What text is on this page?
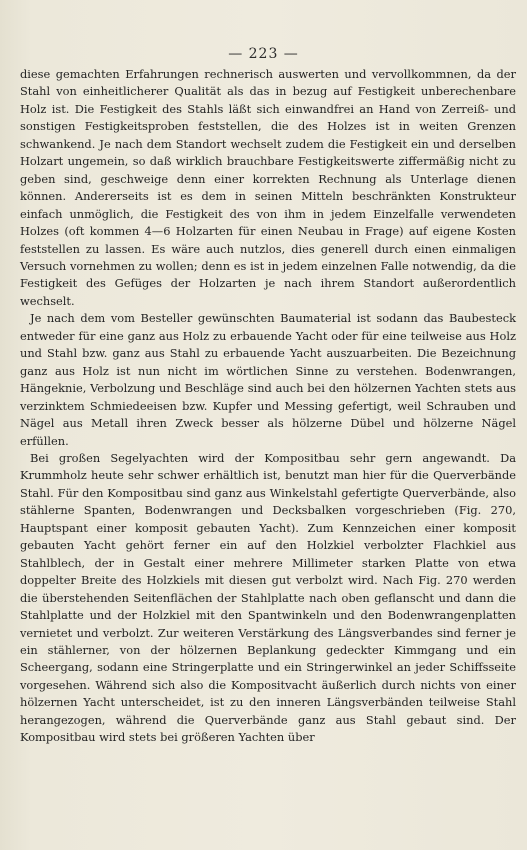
— 223 —

diese gemachten Erfahrungen rechnerisch auswerten und vervollkommnen, da der Stahl von einheitlicherer Qualität als das in bezug auf Festigkeit unberechenbare Holz ist. Die Festigkeit des Stahls läßt sich einwandfrei an Hand von Zerreiß- und sonstigen Festigkeitsproben feststellen, die des Holzes ist in weiten Grenzen schwankend. Je nach dem Standort wechselt zudem die Festigkeit ein und derselben Holzart ungemein, so daß wirklich brauchbare Festigkeitswerte ziffermäßig nicht zu geben sind, geschweige denn einer korrekten Rechnung als Unterlage dienen können. Andererseits ist es dem in seinen Mitteln beschränkten Konstrukteur einfach unmöglich, die Festigkeit des von ihm in jedem Einzelfalle verwendeten Holzes (oft kommen 4—6 Holzarten für einen Neubau in Frage) auf eigene Kosten feststellen zu lassen. Es wäre auch nutzlos, dies generell durch einen einmaligen Versuch vornehmen zu wollen; denn es ist in jedem einzelnen Falle notwendig, da die Festigkeit des Gefüges der Holzarten je nach ihrem Standort außerordentlich wechselt.

Je nach dem vom Besteller gewünschten Baumaterial ist sodann das Baubesteck entweder für eine ganz aus Holz zu erbauende Yacht oder für eine teilweise aus Holz und Stahl bzw. ganz aus Stahl zu erbauende Yacht auszuarbeiten. Die Bezeichnung ganz aus Holz ist nun nicht im wörtlichen Sinne zu verstehen. Bodenwrangen, Hängeknie, Verbolzung und Beschläge sind auch bei den hölzernen Yachten stets aus verzinktem Schmiedeeisen bzw. Kupfer und Messing gefertigt, weil Schrauben und Nägel aus Metall ihren Zweck besser als hölzerne Dübel und hölzerne Nägel erfüllen.

Bei großen Segelyachten wird der Kompositbau sehr gern angewandt. Da Krummholz heute sehr schwer erhältlich ist, benutzt man hier für die Querverbände Stahl. Für den Kompositbau sind ganz aus Winkelstahl gefertigte Querverbände, also stählerne Spanten, Bodenwrangen und Decksbalken vorgeschrieben (Fig. 270, Hauptspant einer komposit gebauten Yacht). Zum Kennzeichen einer komposit gebauten Yacht gehört ferner ein auf den Holzkiel verbolzter Flachkiel aus Stahlblech, der in Gestalt einer mehrere Millimeter starken Platte von etwa doppelter Breite des Holzkiels mit diesen gut verbolzt wird. Nach Fig. 270 werden die überstehenden Seitenflächen der Stahlplatte nach oben geflanscht und dann die Stahlplatte und der Holzkiel mit den Spantwinkeln und den Bodenwrangenplatten vernietet und verbolzt. Zur weiteren Verstärkung des Längsverbandes sind ferner je ein stählerner, von der hölzernen Beplankung gedeckter Kimmgang und ein Scheergang, sodann eine Stringerplatte und ein Stringerwinkel an jeder Schiffsseite vorgesehen. Während sich also die Kompositvacht äußerlich durch nichts von einer hölzernen Yacht unterscheidet, ist zu den inneren Längsverbänden teilweise Stahl herangezogen, während die Querverbände ganz aus Stahl gebaut sind. Der Kompositbau wird stets bei größeren Yachten über
